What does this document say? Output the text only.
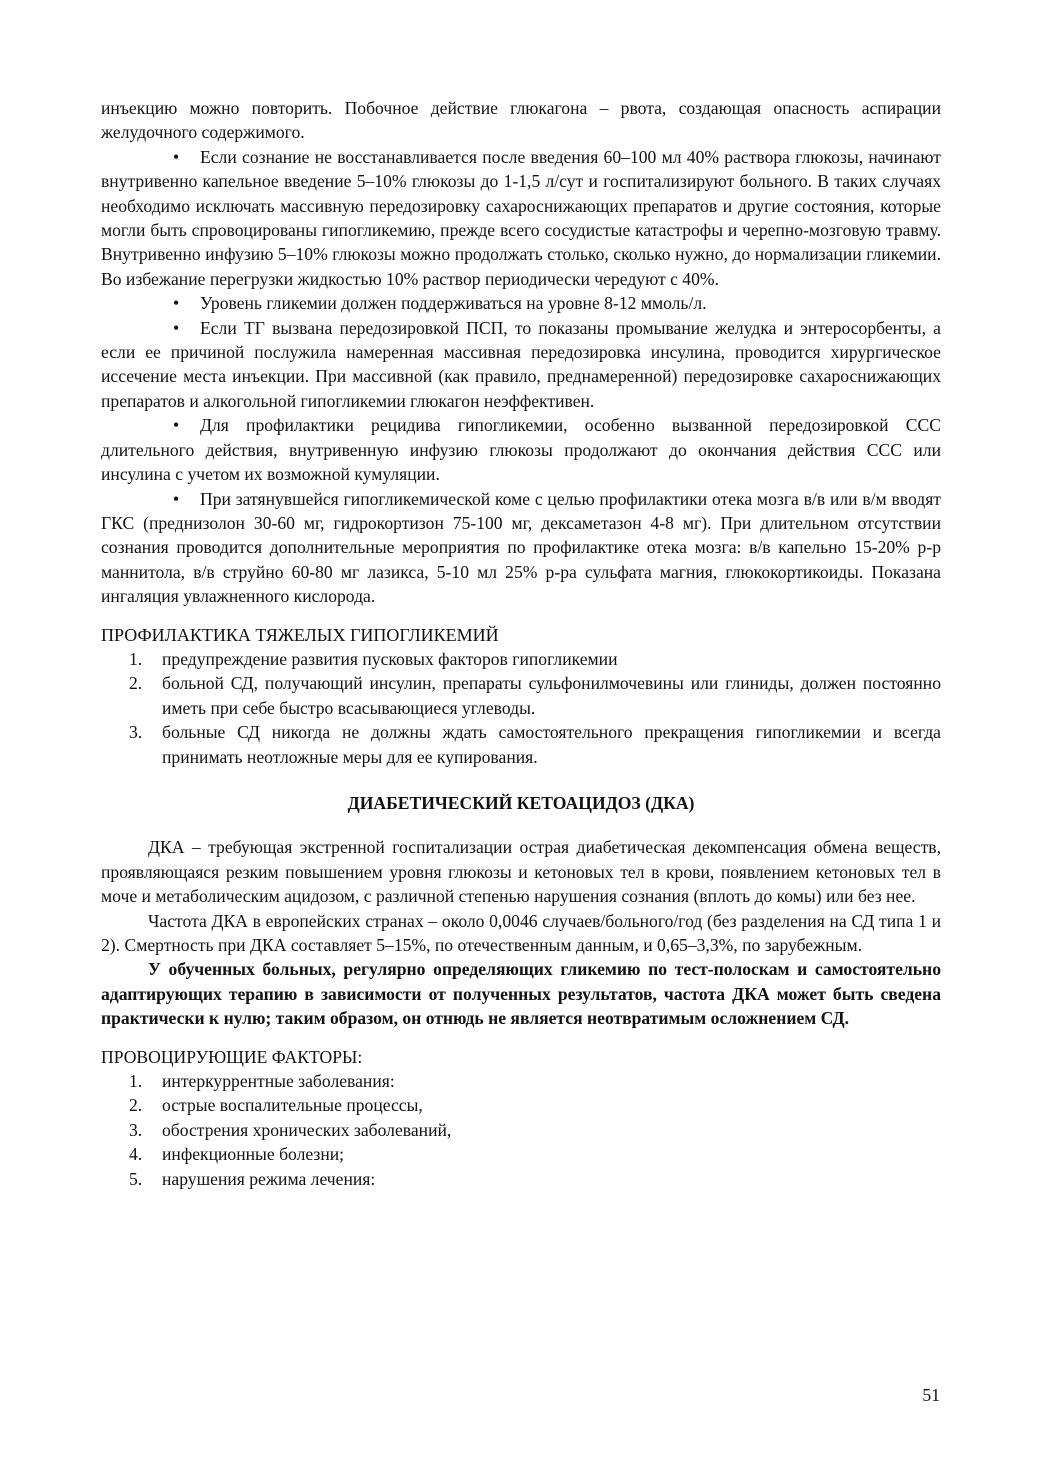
инъекцию можно повторить. Побочное действие глюкагона – рвота, создающая опасность аспирации желудочного содержимого.

• Если сознание не восстанавливается после введения 60–100 мл 40% раствора глюкозы, начинают внутривенно капельное введение 5–10% глюкозы до 1-1,5 л/сут и госпитализируют больного. В таких случаях необходимо исключать массивную передозировку сахароснижающих препаратов и другие состояния, которые могли быть спровоцированы гипогликемию, прежде всего сосудистые катастрофы и черепно-мозговую травму. Внутривенно инфузию 5–10% глюкозы можно продолжать столько, сколько нужно, до нормализации гликемии. Во избежание перегрузки жидкостью 10% раствор периодически чередуют с 40%.

• Уровень гликемии должен поддерживаться на уровне 8-12 ммоль/л.

• Если ТГ вызвана передозировкой ПСП, то показаны промывание желудка и энтеросорбенты, а если ее причиной послужила намеренная массивная передозировка инсулина, проводится хирургическое иссечение места инъекции. При массивной (как правило, преднамеренной) передозировке сахароснижающих препаратов и алкогольной гипогликемии глюкагон неэффективен.

• Для профилактики рецидива гипогликемии, особенно вызванной передозировкой ССС длительного действия, внутривенную инфузию глюкозы продолжают до окончания действия ССС или инсулина с учетом их возможной кумуляции.

• При затянувшейся гипогликемической коме с целью профилактики отека мозга в/в или в/м вводят ГКС (преднизолон 30-60 мг, гидрокортизон 75-100 мг, дексаметазон 4-8 мг). При длительном отсутствии сознания проводится дополнительные мероприятия по профилактике отека мозга: в/в капельно 15-20% р-р маннитола, в/в струйно 60-80 мг лазикса, 5-10 мл 25% р-ра сульфата магния, глюкокортикоиды. Показана ингаляция увлажненного кислорода.

ПРОФИЛАКТИКА ТЯЖЕЛЫХ ГИПОГЛИКЕМИЙ
1. предупреждение развития пусковых факторов гипогликемии
2. больной СД, получающий инсулин, препараты сульфонилмочевины или глиниды, должен постоянно иметь при себе быстро всасывающиеся углеводы.
3. больные СД никогда не должны ждать самостоятельного прекращения гипогликемии и всегда принимать неотложные меры для ее купирования.
ДИАБЕТИЧЕСКИЙ КЕТОАЦИДОЗ (ДКА)

ДКА – требующая экстренной госпитализации острая диабетическая декомпенсация обмена веществ, проявляющаяся резким повышением уровня глюкозы и кетоновых тел в крови, появлением кетоновых тел в моче и метаболическим ацидозом, с различной степенью нарушения сознания (вплоть до комы) или без нее.

Частота ДКА в европейских странах – около 0,0046 случаев/больного/год (без разделения на СД типа 1 и 2). Смертность при ДКА составляет 5–15%, по отечественным данным, и 0,65–3,3%, по зарубежным.

У обученных больных, регулярно определяющих гликемию по тест-полоскам и самостоятельно адаптирующих терапию в зависимости от полученных результатов, частота ДКА может быть сведена практически к нулю; таким образом, он отнюдь не является неотвратимым осложнением СД.

ПРОВОЦИРУЮЩИЕ ФАКТОРЫ:
1. интеркуррентные заболевания:
2. острые воспалительные процессы,
3. обострения хронических заболеваний,
4. инфекционные болезни;
5. нарушения режима лечения:
51
